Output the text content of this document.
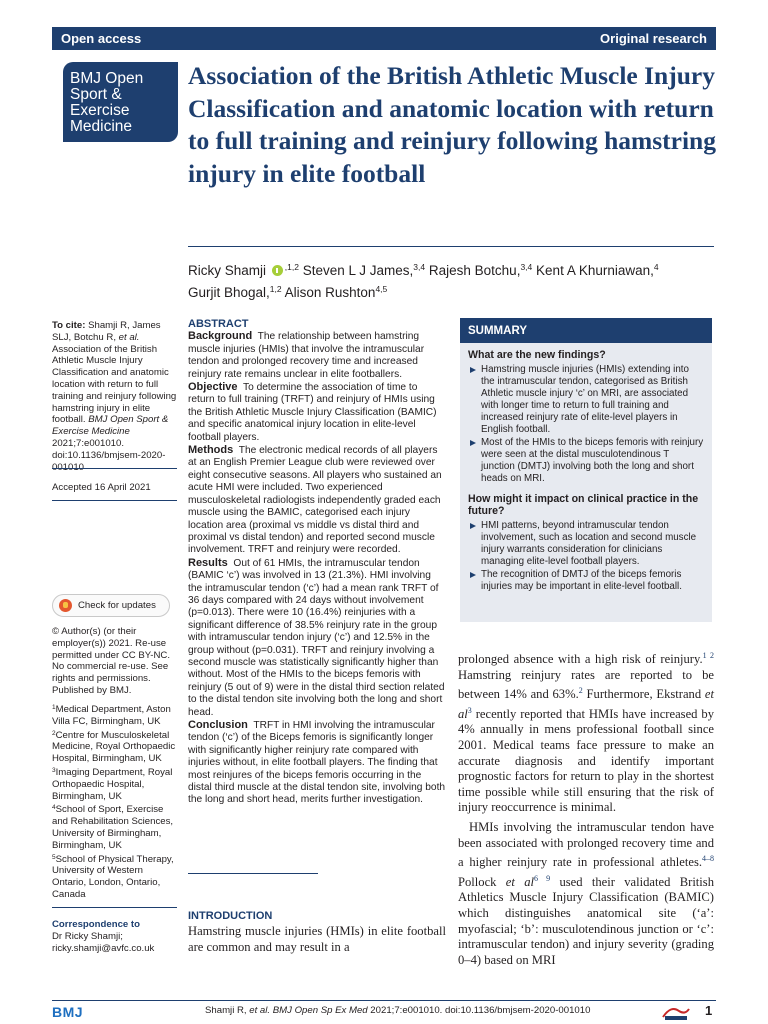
Open access	Original research
BMJ Open
Sport &
Exercise
Medicine
Association of the British Athletic Muscle Injury Classification and anatomic location with return to full training and reinjury following hamstring injury in elite football
Ricky Shamji $^{,1,2}$ Steven L J James,$^{3,4}$ Rajesh Botchu,$^{3,4}$ Kent A Khurniawan,$^4$
Gurjit Bhogal,$^{1,2}$ Alison Rushton$^{4,5}$
To cite: Shamji R, James SLJ, Botchu R, et al. Association of the British Athletic Muscle Injury Classification and anatomic location with return to full training and reinjury following hamstring injury in elite football. BMJ Open Sport & Exercise Medicine 2021;7:e001010. doi:10.1136/bmjsem-2020-
Accepted 16 April 2021
Check for updates
© Author(s) (or their employer(s)) 2021. Re-use permitted under CC BY-NC. No commercial re-use. See rights and permissions. Published by BMJ.
$^1$Medical Department, Aston Villa FC, Birmingham, UK
$^2$Centre for Musculoskeletal Medicine, Royal Orthopaedic Hospital, Birmingham, UK
$^3$Imaging Department, Royal Orthopaedic Hospital, Birmingham, UK
$^4$School of Sport, Exercise and Rehabilitation Sciences, University of Birmingham, Birmingham, UK
$^5$School of Physical Therapy, University of Western Ontario, London, Ontario, Canada
Correspondence to
Dr Ricky Shamji;
ricky.shamji@avfc.co.uk
ABSTRACT
Background The relationship between hamstring muscle injuries (HMIs) that involve the intramuscular tendon and prolonged recovery time and increased reinjury rate remains unclear in elite footballers.
Objective To determine the association of time to return to full training (TRFT) and reinjury of HMIs using the British Athletic Muscle Injury Classification (BAMIC) and specific anatomical injury location in elite-level football players.
Methods The electronic medical records of all players at an English Premier League club were reviewed over eight consecutive seasons. All players who sustained an acute HMI were included. Two experienced musculoskeletal radiologists independently graded each muscle using the BAMIC, categorised each injury location area (proximal vs middle vs distal third and proximal vs distal tendon) and reported second muscle involvement. TRFT and reinjury were recorded.
Results Out of 61 HMIs, the intramuscular tendon (BAMIC ‘c’) was involved in 13 (21.3%). HMI involving the intramuscular tendon (‘c’) had a mean rank TRFT of 36 days compared with 24 days without involvement (p=0.013). There were 10 (16.4%) reinjuries with a significant difference of 38.5% reinjury rate in the group with intramuscular tendon injury (‘c’) and 12.5% in the group without (p=0.031). TRFT and reinjury involving a second muscle was statistically significantly higher than without. Most of the HMIs to the biceps femoris with reinjury (5 out of 9) were in the distal third section related to the distal tendon site involving both the long and short head.
Conclusion TRFT in HMI involving the intramuscular tendon (‘c’) of the Biceps femoris is significantly longer with significantly higher reinjury rate compared with injuries without, in elite football players. The finding that most reinjures of the biceps femoris occurring in the distal third muscle at the distal tendon site, involving both the long and short head, merits further investigation.
INTRODUCTION
Hamstring muscle injuries (HMIs) in elite football are common and may result in a
SUMMARY
What are the new findings?
Hamstring muscle injuries (HMIs) extending into the intramuscular tendon, categorised as British Athletic muscle injury ‘c’ on MRI, are associated with longer time to return to full training and increased reinjury rate of elite-level players in English football.
Most of the HMIs to the biceps femoris with reinjury were seen at the distal musculotendinous T junction (DMTJ) involving both the long and short heads on MRI.
How might it impact on clinical practice in the future?
HMI patterns, beyond intramuscular tendon involvement, such as location and second muscle injury warrants consideration for clinicians managing elite-level football players.
The recognition of DMTJ of the biceps femoris injuries may be important in elite-level football.

prolonged absence with a high risk of reinjury.$^{1 2}$ Hamstring reinjury rates are reported to be between 14% and 63%.$^2$ Furthermore, Ekstrand et $al^3$ recently reported that HMIs have increased by 4% annually in mens professional football since 2001. Medical teams face pressure to make an accurate diagnosis and identify important prognostic factors for return to play in the shortest time possible while still ensuring that the risk of injury reoccurrence is minimal.

HMIs involving the intramuscular tendon have been associated with prolonged recovery time and a higher reinjury rate in professional athletes.$^{4-8}$ Pollock et $al^{6 9}$ used their validated British Athletics Muscle Injury Classification (BAMIC) which distinguishes anatomical site (‘a’: myofascial; ‘b’: musculotendinous junction or ‘c’: intramuscular tendon) and injury severity (grading 0–4) based on MRI

BMJ	Shamji R, et al. BMJ Open Sp Ex Med 2021;7:e001010. doi:10.1136/bmjsem-2020-001010	1
